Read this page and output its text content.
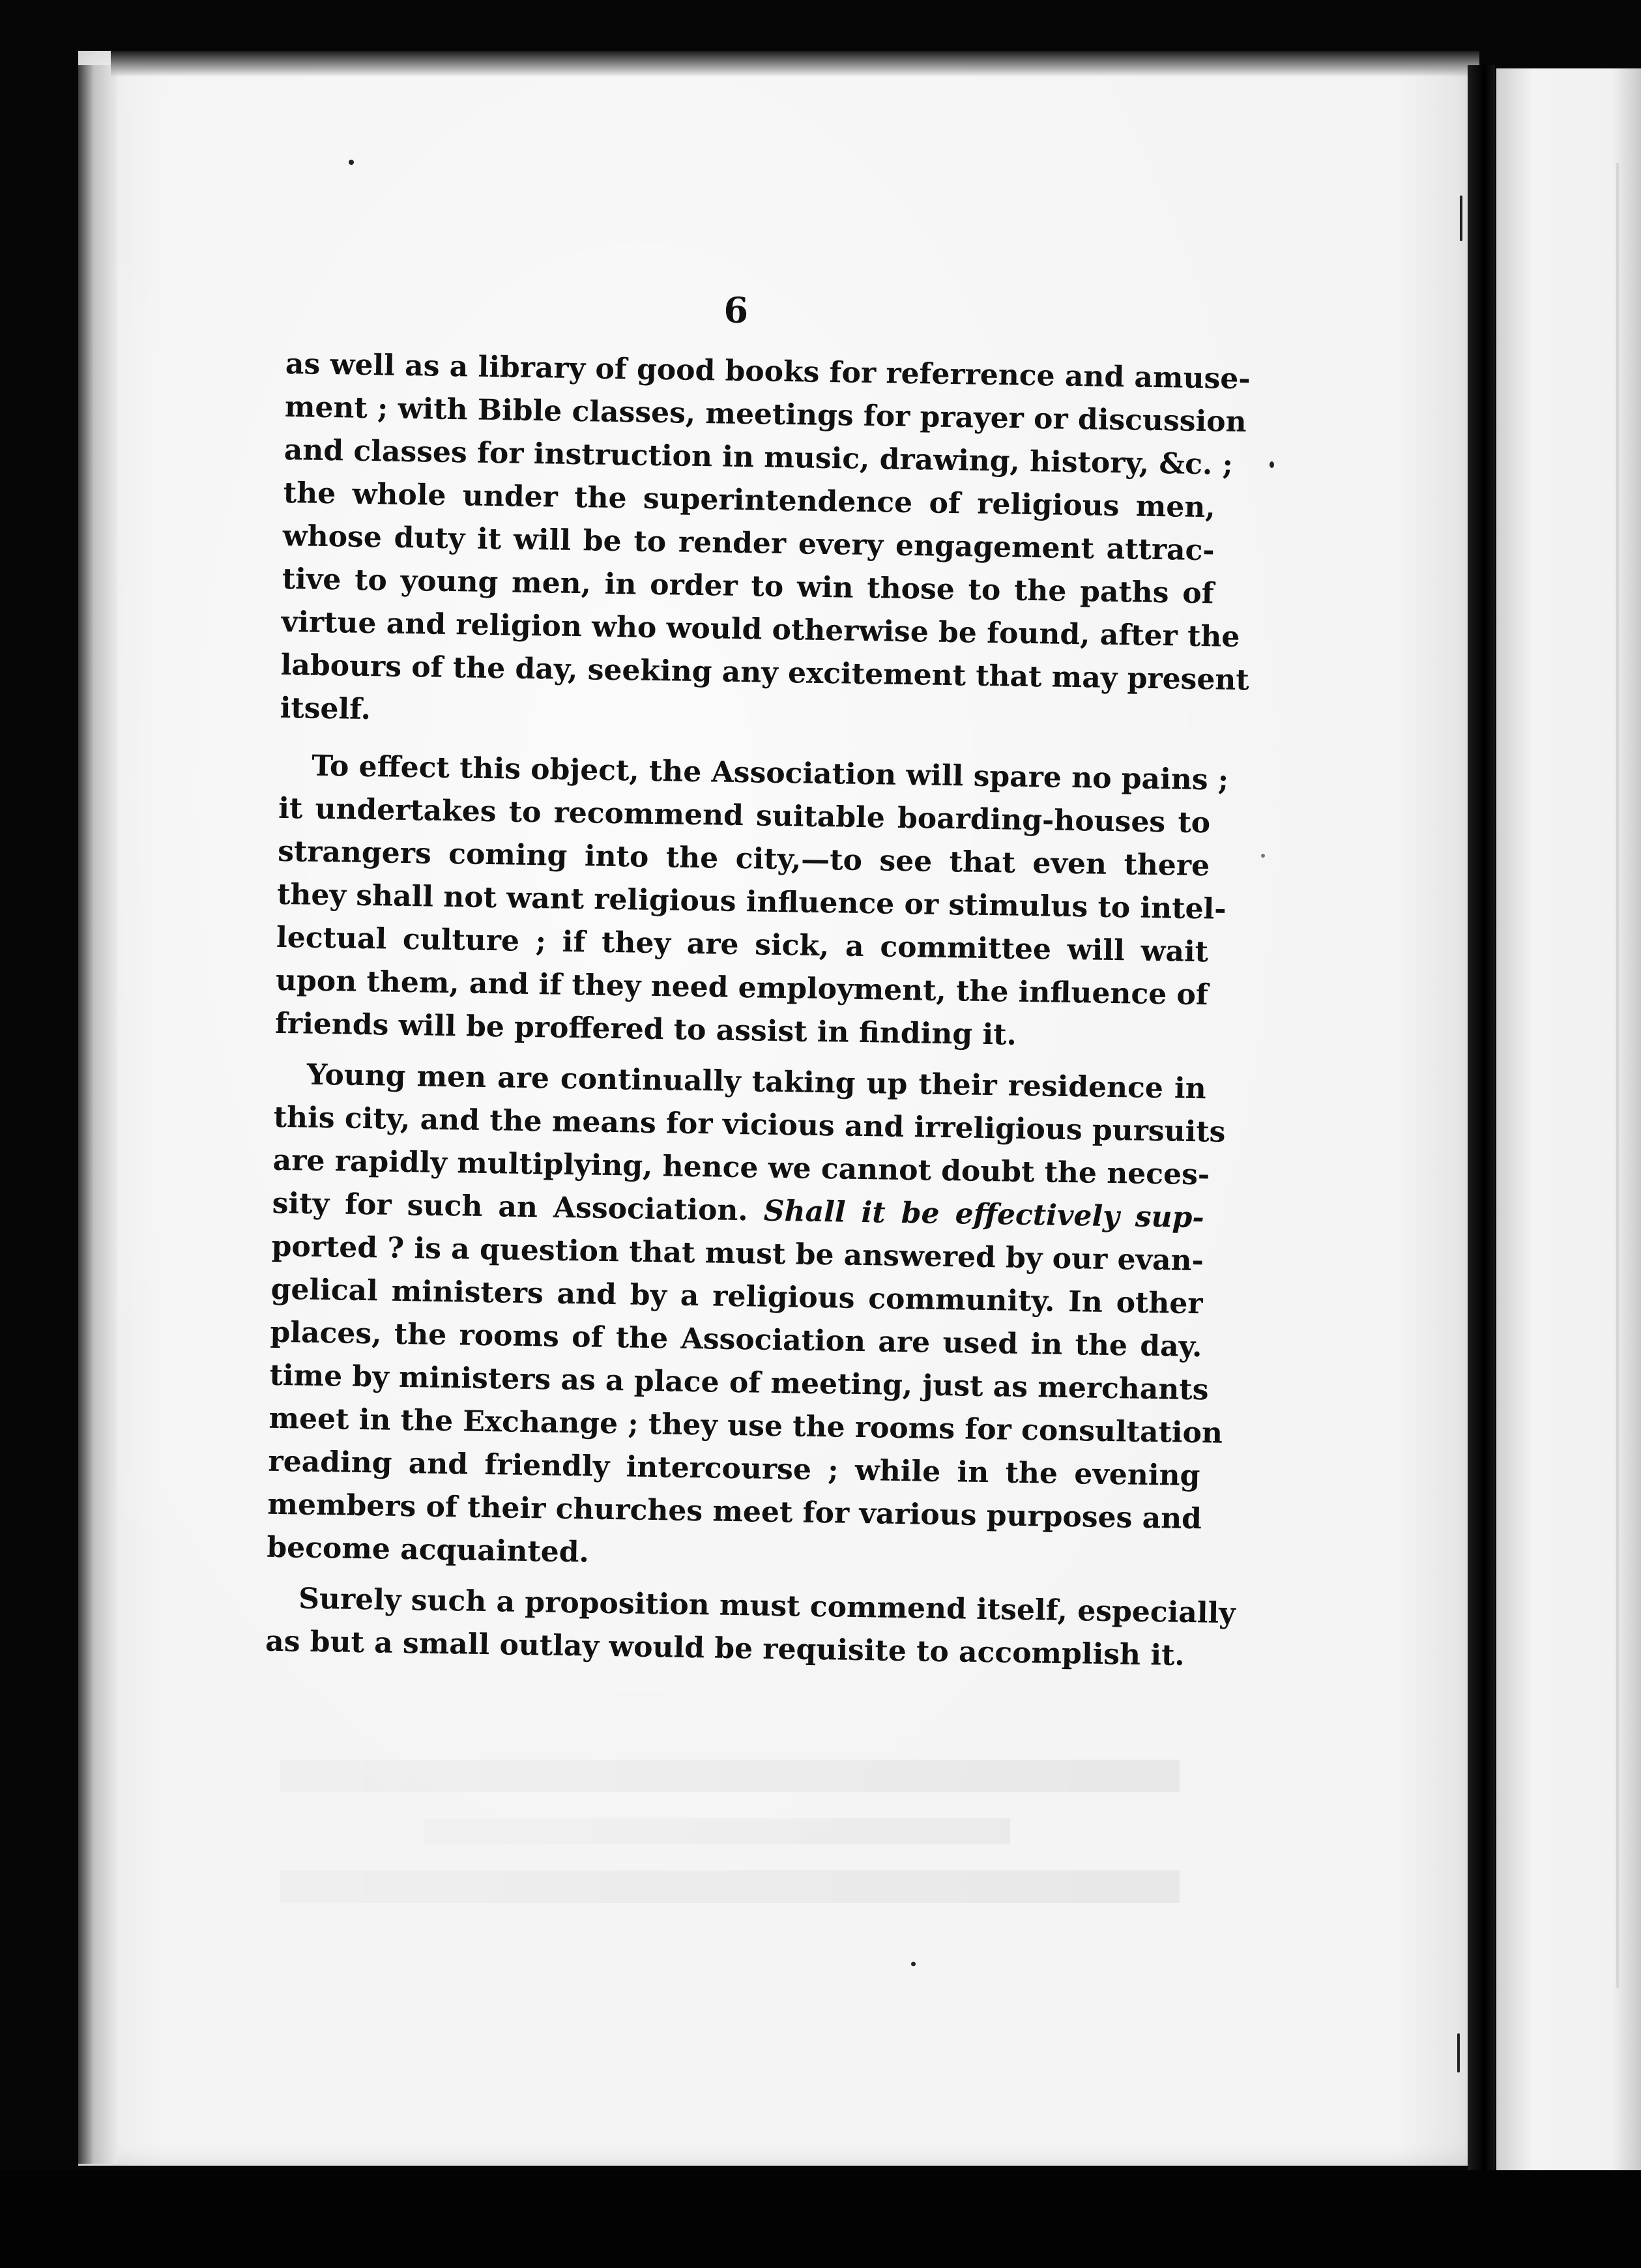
6
as well as a library of good books for referrence and amuse-
ment ; with Bible classes, meetings for prayer or discussion
and classes for instruction in music, drawing, history, &c. ;
the whole under the superintendence of religious men,
whose duty it will be to render every engagement attrac-
tive to young men, in order to win those to the paths of
virtue and religion who would otherwise be found, after the
labours of the day, seeking any excitement that may present
itself.
To effect this object, the Association will spare no pains ;
it undertakes to recommend suitable boarding-houses to
strangers coming into the city,—to see that even there
they shall not want religious influence or stimulus to intel-
lectual culture ; if they are sick, a committee will wait
upon them, and if they need employment, the influence of
friends will be proffered to assist in finding it.
Young men are continually taking up their residence in
this city, and the means for vicious and irreligious pursuits
are rapidly multiplying, hence we cannot doubt the neces-
sity for such an Association. Shall it be effectively sup-
ported ? is a question that must be answered by our evan-
gelical ministers and by a religious community. In other
places, the rooms of the Association are used in the day.
time by ministers as a place of meeting, just as merchants
meet in the Exchange ; they use the rooms for consultation
reading and friendly intercourse ; while in the evening
members of their churches meet for various purposes and
become acquainted.
Surely such a proposition must commend itself, especially
as but a small outlay would be requisite to accomplish it.
